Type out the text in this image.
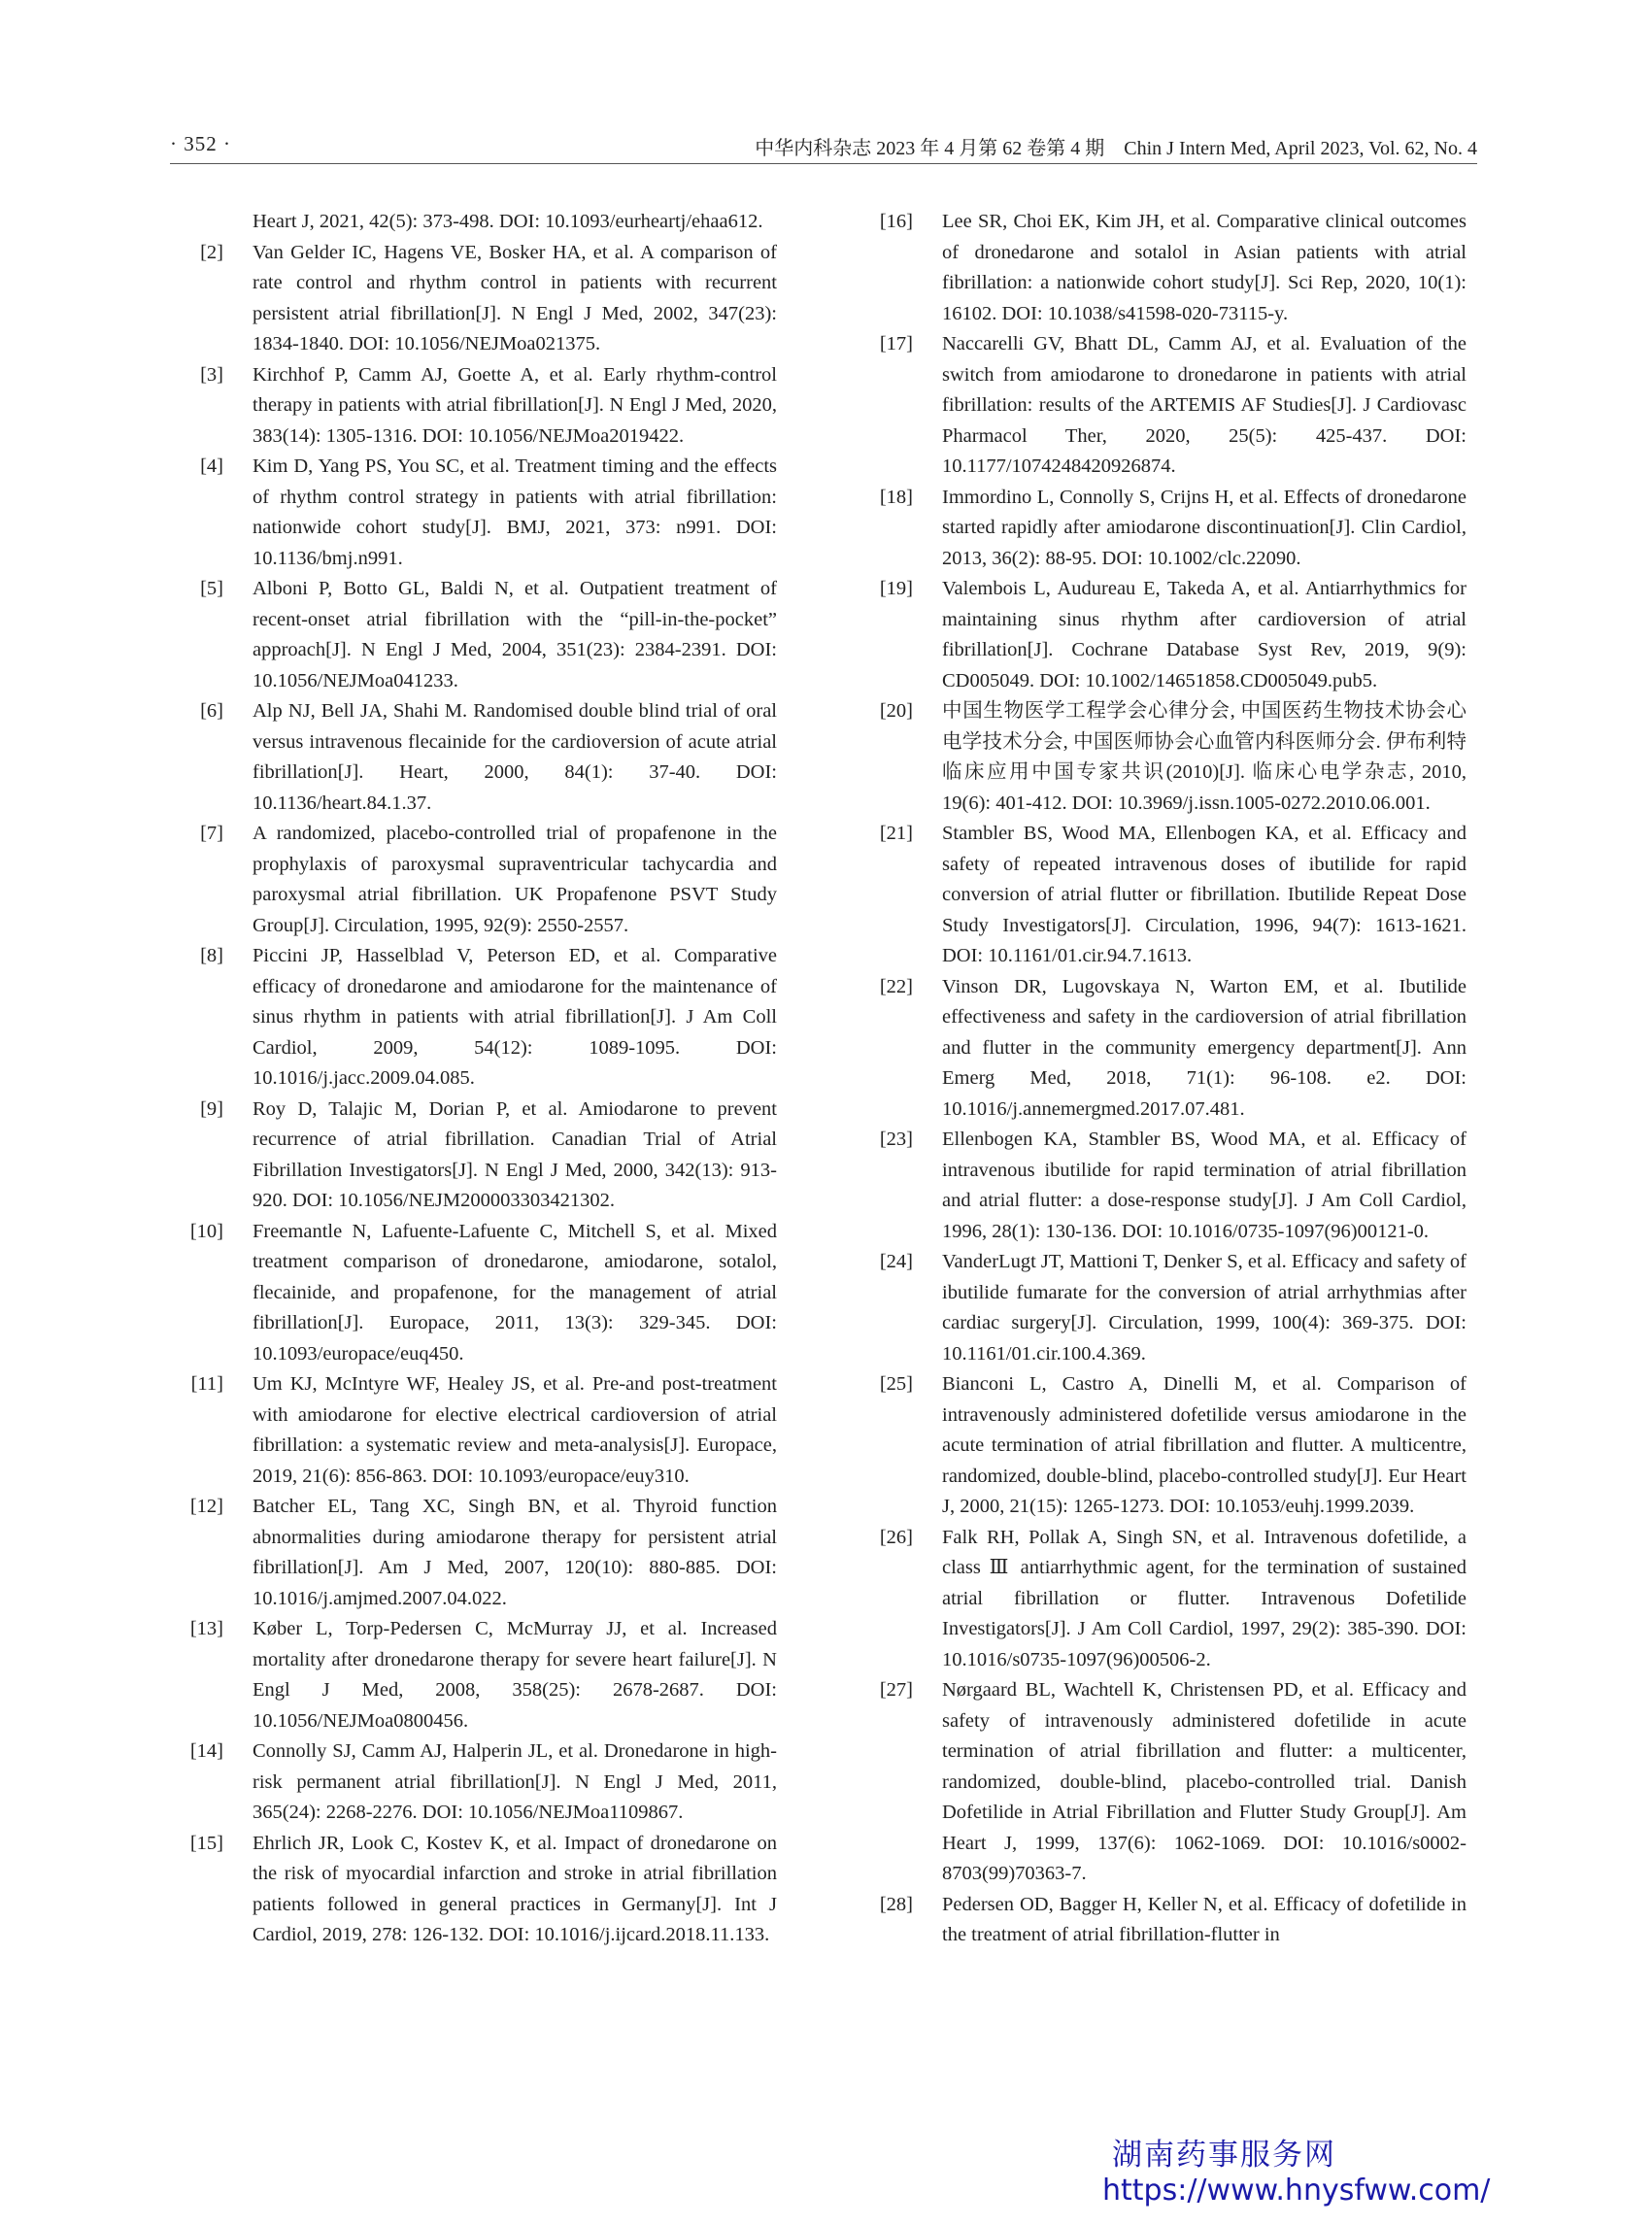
· 352 ·	中华内科杂志 2023 年 4 月第 62 卷第 4 期　Chin J Intern Med, April 2023, Vol. 62, No. 4
Heart J, 2021, 42(5): 373-498. DOI: 10.1093/eurheartj/ehaa612.
[2] Van Gelder IC, Hagens VE, Bosker HA, et al. A comparison of rate control and rhythm control in patients with recurrent persistent atrial fibrillation[J]. N Engl J Med, 2002, 347(23): 1834-1840. DOI: 10.1056/NEJMoa021375.
[3] Kirchhof P, Camm AJ, Goette A, et al. Early rhythm-control therapy in patients with atrial fibrillation[J]. N Engl J Med, 2020, 383(14): 1305-1316. DOI: 10.1056/NEJMoa2019422.
[4] Kim D, Yang PS, You SC, et al. Treatment timing and the effects of rhythm control strategy in patients with atrial fibrillation: nationwide cohort study[J]. BMJ, 2021, 373: n991. DOI: 10.1136/bmj.n991.
[5] Alboni P, Botto GL, Baldi N, et al. Outpatient treatment of recent-onset atrial fibrillation with the “pill-in-the-pocket” approach[J]. N Engl J Med, 2004, 351(23): 2384-2391. DOI: 10.1056/NEJMoa041233.
[6] Alp NJ, Bell JA, Shahi M. Randomised double blind trial of oral versus intravenous flecainide for the cardioversion of acute atrial fibrillation[J]. Heart, 2000, 84(1): 37-40. DOI: 10.1136/heart.84.1.37.
[7] A randomized, placebo-controlled trial of propafenone in the prophylaxis of paroxysmal supraventricular tachycardia and paroxysmal atrial fibrillation. UK Propafenone PSVT Study Group[J]. Circulation, 1995, 92(9): 2550-2557.
[8] Piccini JP, Hasselblad V, Peterson ED, et al. Comparative efficacy of dronedarone and amiodarone for the maintenance of sinus rhythm in patients with atrial fibrillation[J]. J Am Coll Cardiol, 2009, 54(12): 1089-1095. DOI: 10.1016/j.jacc.2009.04.085.
[9] Roy D, Talajic M, Dorian P, et al. Amiodarone to prevent recurrence of atrial fibrillation. Canadian Trial of Atrial Fibrillation Investigators[J]. N Engl J Med, 2000, 342(13): 913-920. DOI: 10.1056/NEJM200003303421302.
[10] Freemantle N, Lafuente-Lafuente C, Mitchell S, et al. Mixed treatment comparison of dronedarone, amiodarone, sotalol, flecainide, and propafenone, for the management of atrial fibrillation[J]. Europace, 2011, 13(3): 329-345. DOI: 10.1093/europace/euq450.
[11] Um KJ, McIntyre WF, Healey JS, et al. Pre-and post-treatment with amiodarone for elective electrical cardioversion of atrial fibrillation: a systematic review and meta-analysis[J]. Europace, 2019, 21(6): 856-863. DOI: 10.1093/europace/euy310.
[12] Batcher EL, Tang XC, Singh BN, et al. Thyroid function abnormalities during amiodarone therapy for persistent atrial fibrillation[J]. Am J Med, 2007, 120(10): 880-885. DOI: 10.1016/j.amjmed.2007.04.022.
[13] Køber L, Torp-Pedersen C, McMurray JJ, et al. Increased mortality after dronedarone therapy for severe heart failure[J]. N Engl J Med, 2008, 358(25): 2678-2687. DOI: 10.1056/NEJMoa0800456.
[14] Connolly SJ, Camm AJ, Halperin JL, et al. Dronedarone in high-risk permanent atrial fibrillation[J]. N Engl J Med, 2011, 365(24): 2268-2276. DOI: 10.1056/NEJMoa1109867.
[15] Ehrlich JR, Look C, Kostev K, et al. Impact of dronedarone on the risk of myocardial infarction and stroke in atrial fibrillation patients followed in general practices in Germany[J]. Int J Cardiol, 2019, 278: 126-132. DOI: 10.1016/j.ijcard.2018.11.133.
[16] Lee SR, Choi EK, Kim JH, et al. Comparative clinical outcomes of dronedarone and sotalol in Asian patients with atrial fibrillation: a nationwide cohort study[J]. Sci Rep, 2020, 10(1): 16102. DOI: 10.1038/s41598-020-73115-y.
[17] Naccarelli GV, Bhatt DL, Camm AJ, et al. Evaluation of the switch from amiodarone to dronedarone in patients with atrial fibrillation: results of the ARTEMIS AF Studies[J]. J Cardiovasc Pharmacol Ther, 2020, 25(5): 425-437. DOI: 10.1177/1074248420926874.
[18] Immordino L, Connolly S, Crijns H, et al. Effects of dronedarone started rapidly after amiodarone discontinuation[J]. Clin Cardiol, 2013, 36(2): 88-95. DOI: 10.1002/clc.22090.
[19] Valembois L, Audureau E, Takeda A, et al. Antiarrhythmics for maintaining sinus rhythm after cardioversion of atrial fibrillation[J]. Cochrane Database Syst Rev, 2019, 9(9): CD005049. DOI: 10.1002/14651858.CD005049.pub5.
[20] 中国生物医学工程学会心律分会, 中国医药生物技术协会心电学技术分会, 中国医师协会心血管内科医师分会. 伊布利特临床应用中国专家共识(2010)[J]. 临床心电学杂志, 2010, 19(6): 401-412. DOI: 10.3969/j.issn.1005-0272.2010.06.001.
[21] Stambler BS, Wood MA, Ellenbogen KA, et al. Efficacy and safety of repeated intravenous doses of ibutilide for rapid conversion of atrial flutter or fibrillation. Ibutilide Repeat Dose Study Investigators[J]. Circulation, 1996, 94(7): 1613-1621. DOI: 10.1161/01.cir.94.7.1613.
[22] Vinson DR, Lugovskaya N, Warton EM, et al. Ibutilide effectiveness and safety in the cardioversion of atrial fibrillation and flutter in the community emergency department[J]. Ann Emerg Med, 2018, 71(1): 96-108. e2. DOI: 10.1016/j.annemergmed.2017.07.481.
[23] Ellenbogen KA, Stambler BS, Wood MA, et al. Efficacy of intravenous ibutilide for rapid termination of atrial fibrillation and atrial flutter: a dose-response study[J]. J Am Coll Cardiol, 1996, 28(1): 130-136. DOI: 10.1016/0735-1097(96)00121-0.
[24] VanderLugt JT, Mattioni T, Denker S, et al. Efficacy and safety of ibutilide fumarate for the conversion of atrial arrhythmias after cardiac surgery[J]. Circulation, 1999, 100(4): 369-375. DOI: 10.1161/01.cir.100.4.369.
[25] Bianconi L, Castro A, Dinelli M, et al. Comparison of intravenously administered dofetilide versus amiodarone in the acute termination of atrial fibrillation and flutter. A multicentre, randomized, double-blind, placebo-controlled study[J]. Eur Heart J, 2000, 21(15): 1265-1273. DOI: 10.1053/euhj.1999.2039.
[26] Falk RH, Pollak A, Singh SN, et al. Intravenous dofetilide, a class Ⅲ antiarrhythmic agent, for the termination of sustained atrial fibrillation or flutter. Intravenous Dofetilide Investigators[J]. J Am Coll Cardiol, 1997, 29(2): 385-390. DOI: 10.1016/s0735-1097(96)00506-2.
[27] Nørgaard BL, Wachtell K, Christensen PD, et al. Efficacy and safety of intravenously administered dofetilide in acute termination of atrial fibrillation and flutter: a multicenter, randomized, double-blind, placebo-controlled trial. Danish Dofetilide in Atrial Fibrillation and Flutter Study Group[J]. Am Heart J, 1999, 137(6): 1062-1069. DOI: 10.1016/s0002-8703(99)70363-7.
[28] Pedersen OD, Bagger H, Keller N, et al. Efficacy of dofetilide in the treatment of atrial fibrillation-flutter in
湖南药事服务网
https://www.hnysfww.com/
